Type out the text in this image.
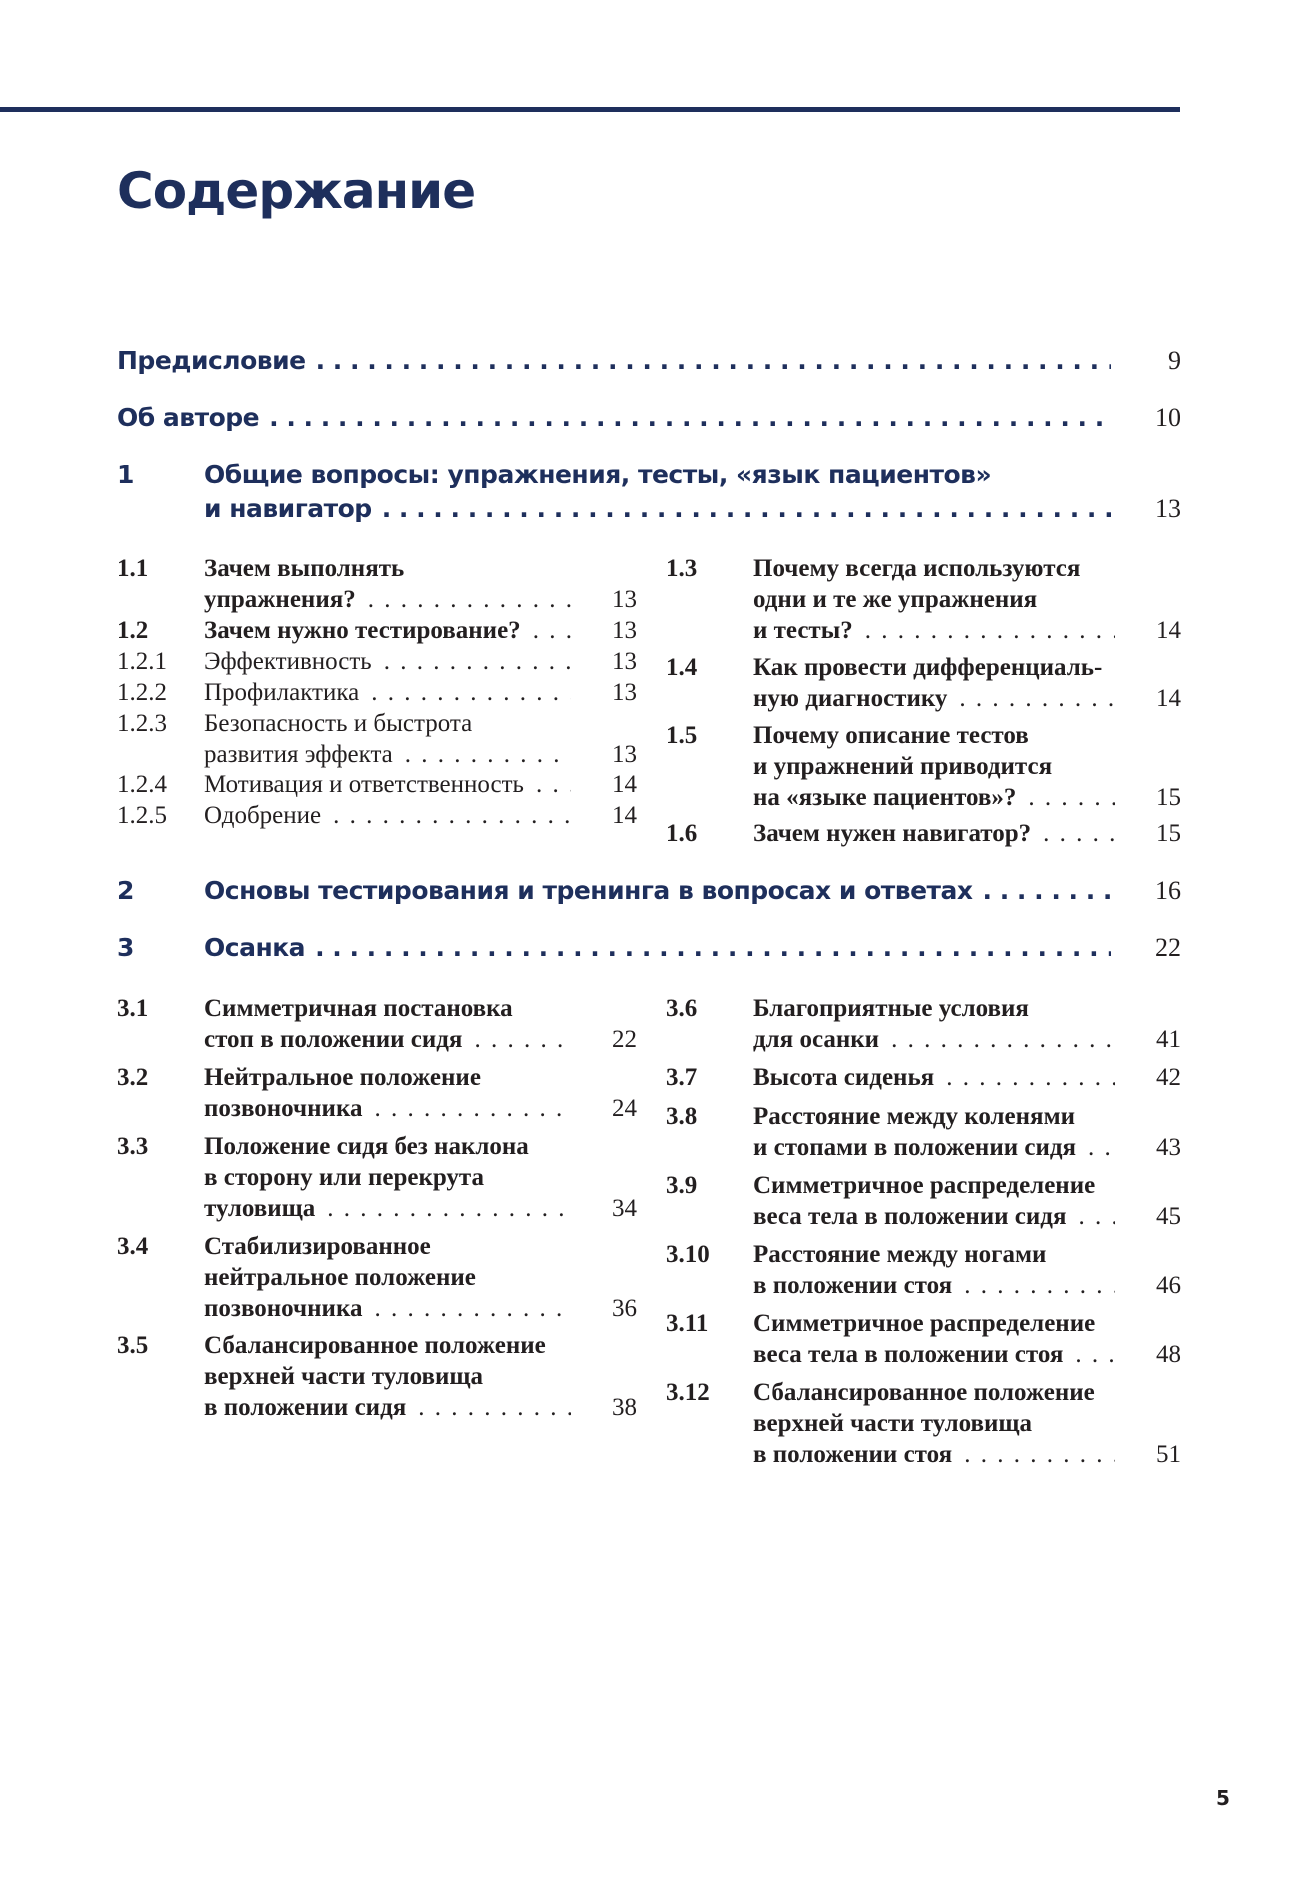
Содержание
Предисловие . . .	9
Об авторе . . .	10
1	Общие вопросы: упражнения, тесты, «язык пациентов»
и навигатор . . .	13
1.1 Зачем выполнять
упражнения? . . .	13
1.2 Зачем нужно тестирование? . . .	13
1.2.1 Эффективность . . .	13
1.2.2 Профилактика . . .	13
1.2.3 Безопасность и быстрота
развития эффекта . . .	13
1.2.4 Мотивация и ответственность . . .	14
1.2.5 Одобрение . . .	14
1.3 Почему всегда используются
одни и те же упражнения
и тесты? . . .	14
1.4 Как провести дифференциаль-
ную диагностику . . .	14
1.5 Почему описание тестов
и упражнений приводится
на «языке пациентов»? . . .	15
1.6 Зачем нужен навигатор? . . .	15
2	Основы тестирования и тренинга в вопросах и ответах . . .	16
3	Осанка . . .	22
3.1 Симметричная постановка
стоп в положении сидя . . .	22
3.2 Нейтральное положение
позвоночника . . .	24
3.3 Положение сидя без наклона
в сторону или перекрута
туловища . . .	34
3.4 Стабилизированное
нейтральное положение
позвоночника . . .	36
3.5 Сбалансированное положение
верхней части туловища
в положении сидя . . .	38
3.6 Благоприятные условия
для осанки . . .	41
3.7 Высота сиденья . . .	42
3.8 Расстояние между коленями
и стопами в положении сидя . . .	43
3.9 Симметричное распределение
веса тела в положении сидя . . .	45
3.10 Расстояние между ногами
в положении стоя . . .	46
3.11 Симметричное распределение
веса тела в положении стоя . . .	48
3.12 Сбалансированное положение
верхней части туловища
в положении стоя . . .	51
5
